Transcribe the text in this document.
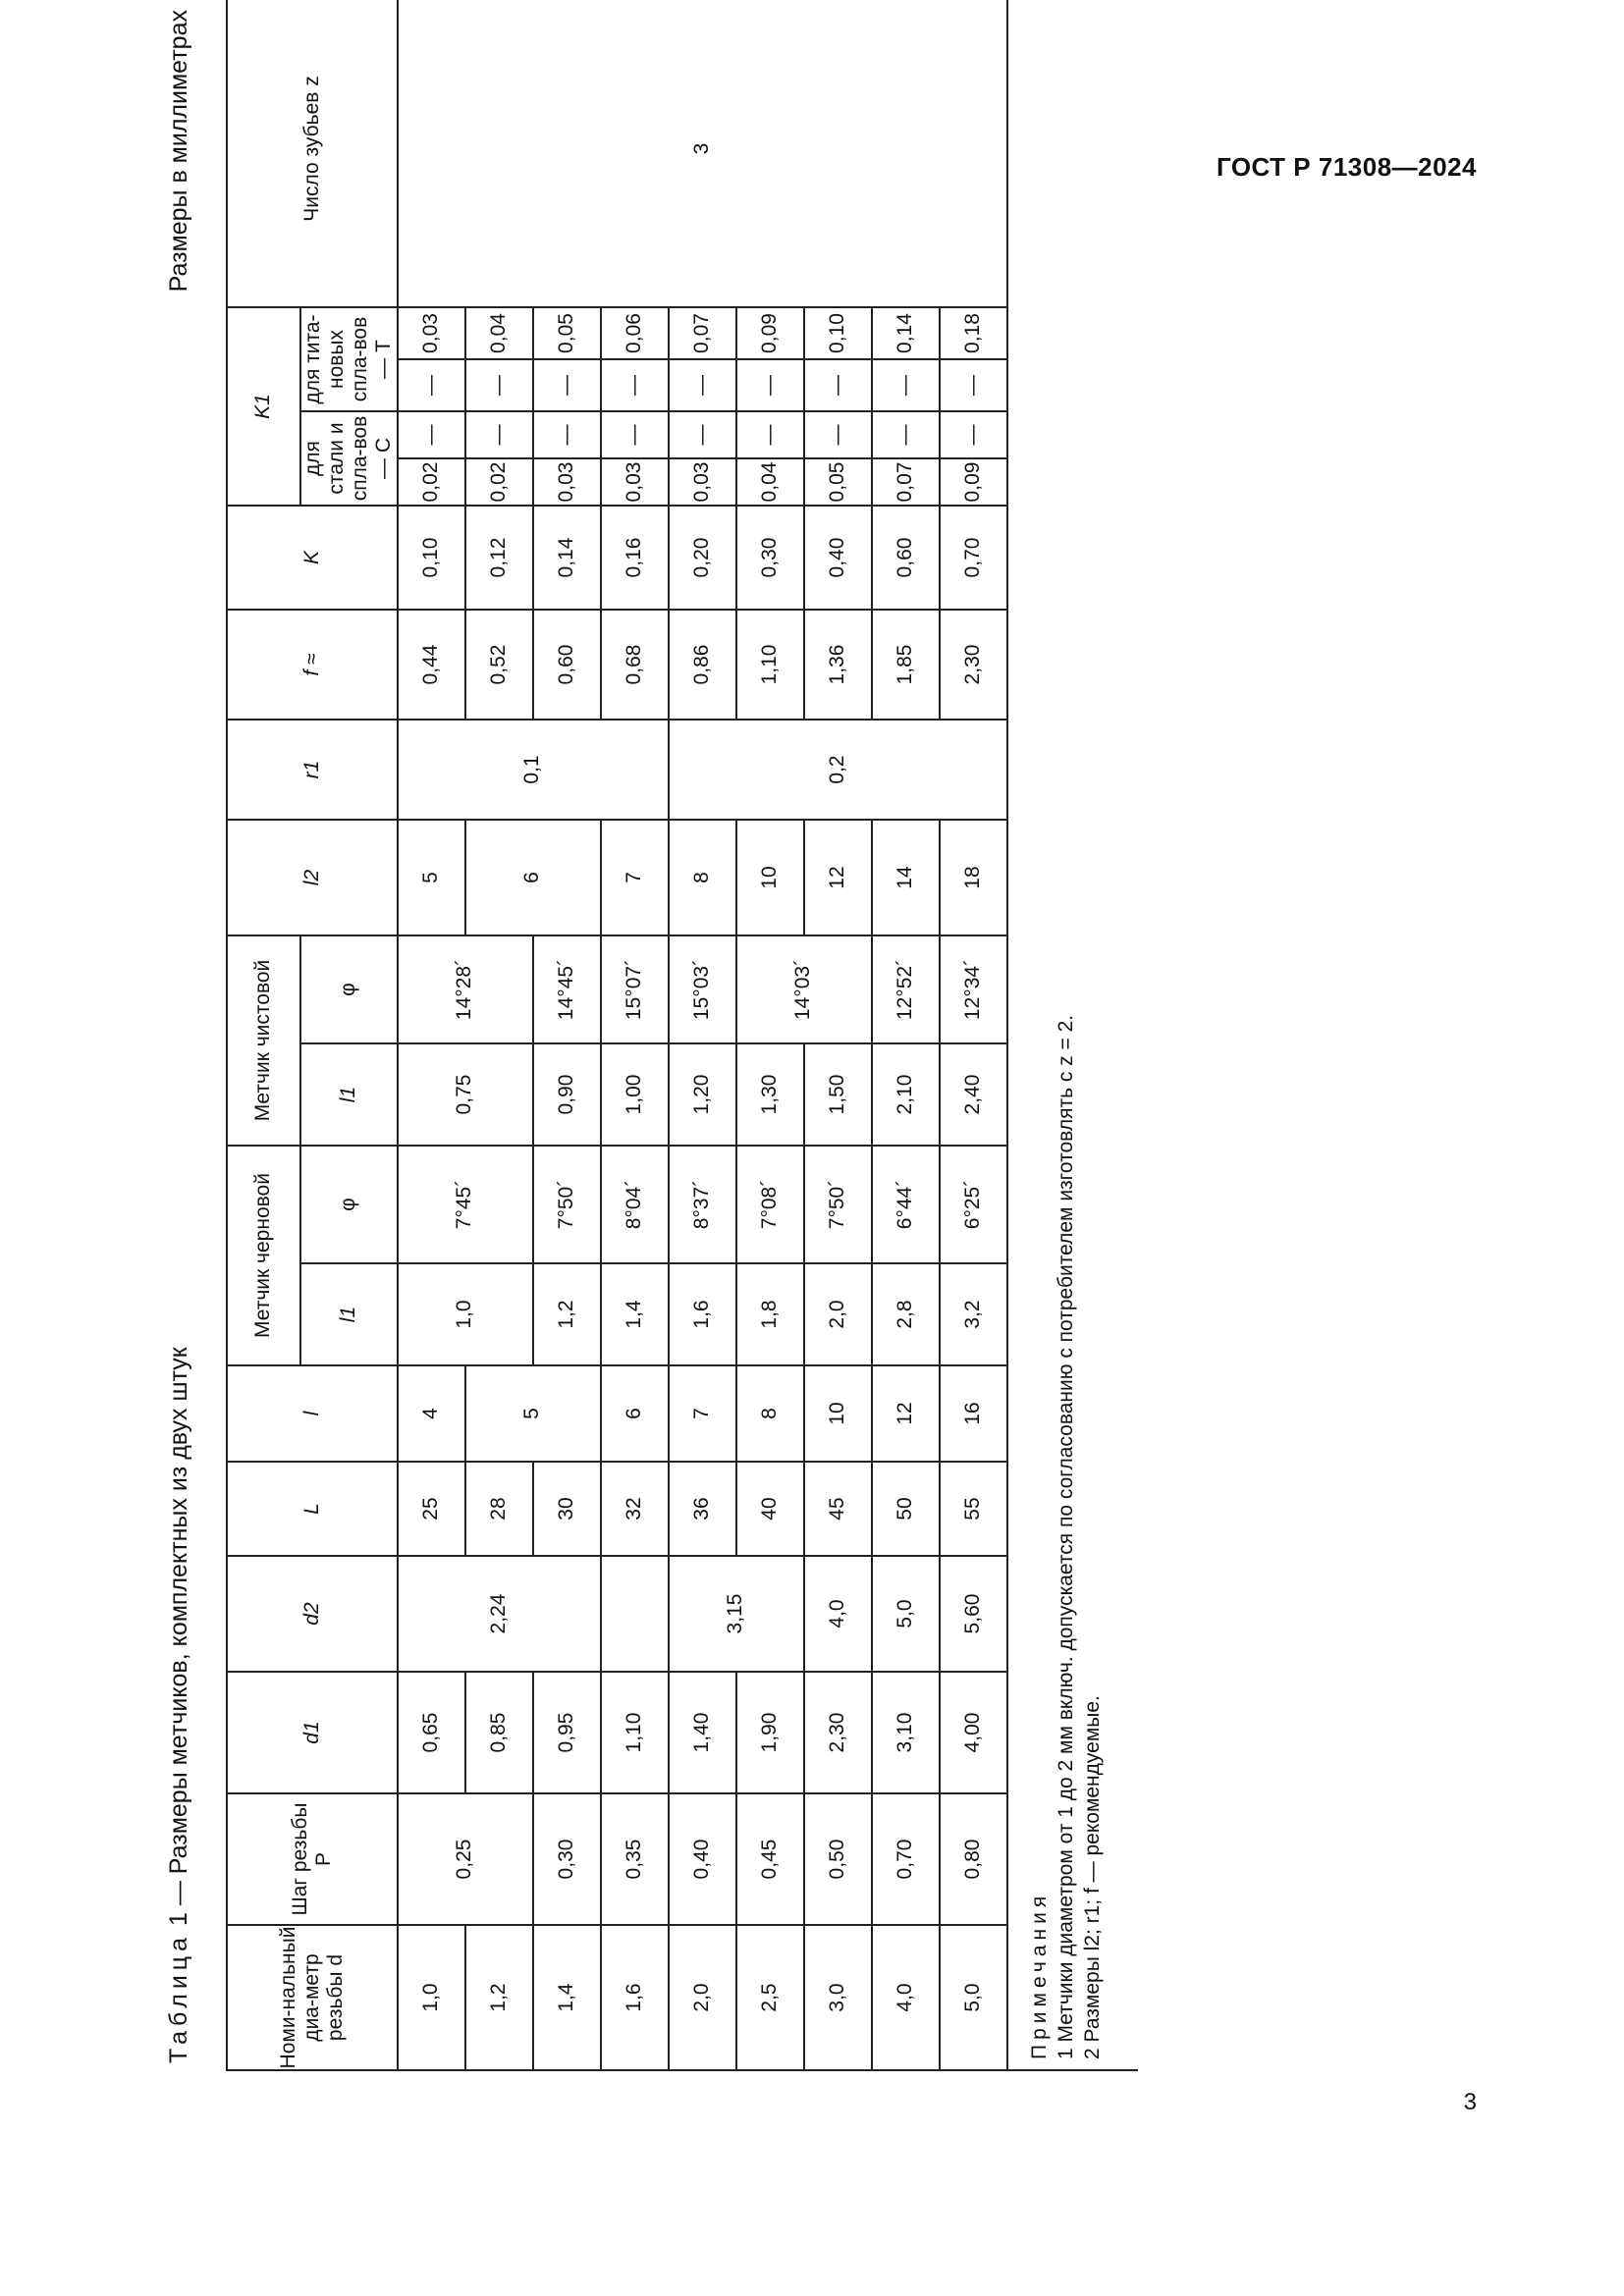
ГОСТ Р 71308—2024
3
Таблица 1 — Размеры метчиков, комплектных из двух штук
Размеры в миллиметрах
Номи-нальный диа-метр резьбы d	Шаг резьбы P	d1	d2	L	l	Метчик черновой		Метчик чистовой		l2	r1	f ≈	K	K1				Число зубьев z
						l1	φ	l1	φ					для стали и спла-вов — С		для тита-новых спла-вов — Т		
1,0	0,25	0,65	2,24	25	4	1,0	7°45´	0,75	14°28´	5	0,1	0,44	0,10	0,02	—	—	0,03	3
1,2		0,85		28	5					6		0,52	0,12	0,02	—	—	0,04	
1,4	0,30	0,95		30		1,2	7°50´	0,90	14°45´			0,60	0,14	0,03	—	—	0,05	
1,6	0,35	1,10		32	6	1,4	8°04´	1,00	15°07´	7		0,68	0,16	0,03	—	—	0,06	
2,0	0,40	1,40	3,15	36	7	1,6	8°37´	1,20	15°03´	8	0,2	0,86	0,20	0,03	—	—	0,07	
2,5	0,45	1,90		40	8	1,8	7°08´	1,30	14°03´	10		1,10	0,30	0,04	—	—	0,09	
3,0	0,50	2,30	4,0	45	10	2,0	7°50´	1,50		12		1,36	0,40	0,05	—	—	0,10	
4,0	0,70	3,10	5,0	50	12	2,8	6°44´	2,10	12°52´	14		1,85	0,60	0,07	—	—	0,14	
5,0	0,80	4,00	5,60	55	16	3,2	6°25´	2,40	12°34´	18		2,30	0,70	0,09	—	—	0,18	

Примечания 1 Метчики диаметром от 1 до 2 мм включ. допускается по согласованию с потребителем изготовлять с z = 2. 2 Размеры l2; r1; f — рекомендуемые.																		
